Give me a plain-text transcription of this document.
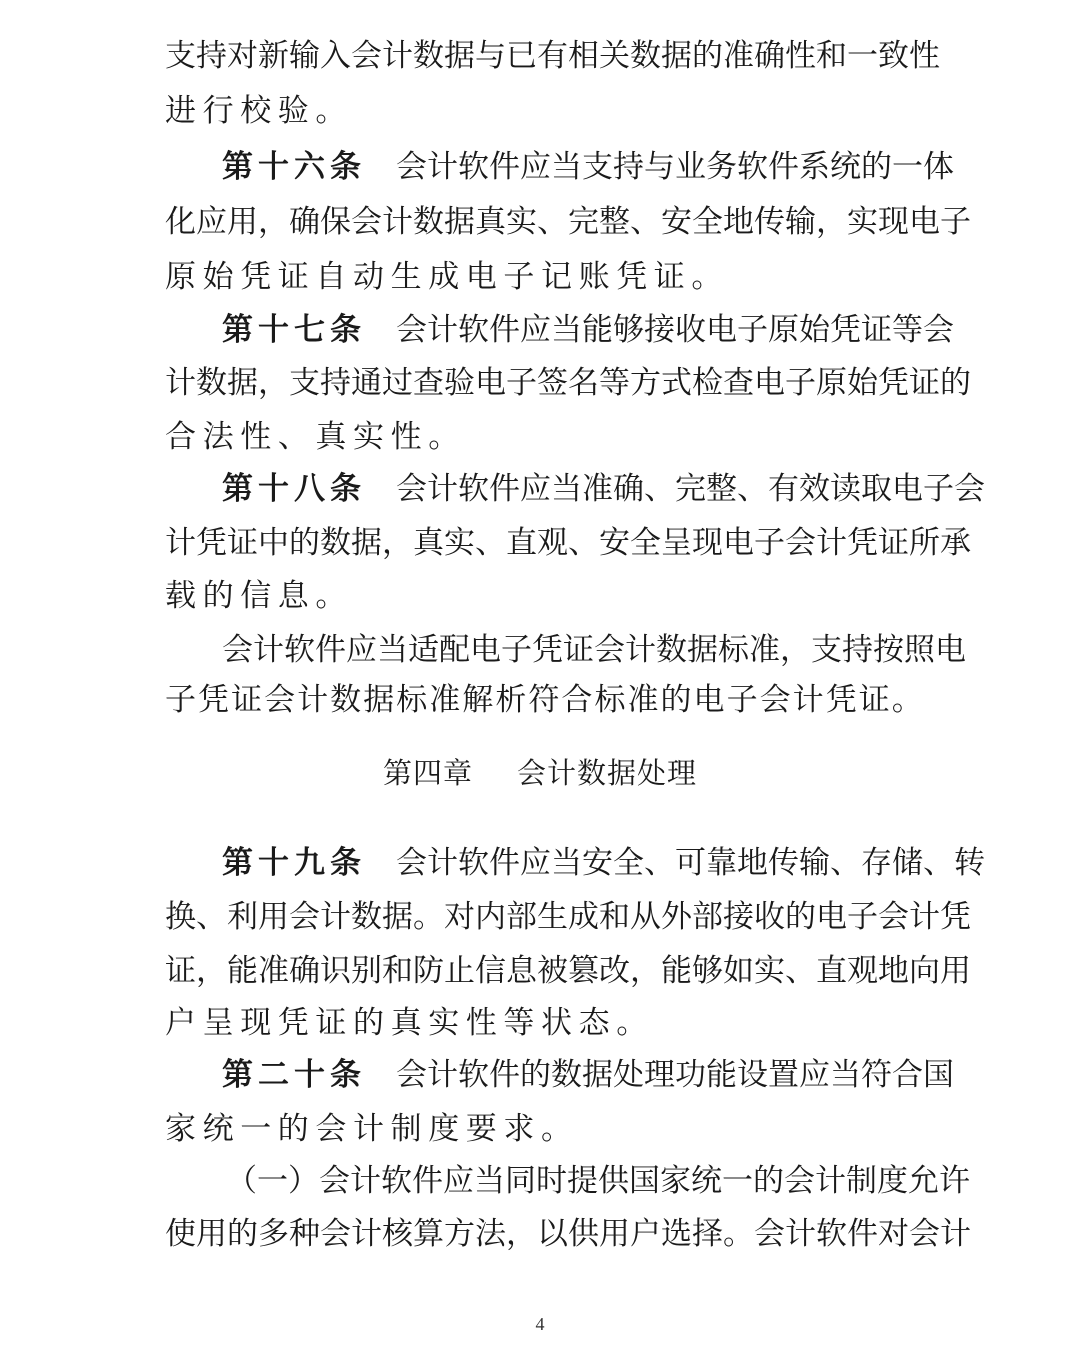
支持对新输入会计数据与已有相关数据的准确性和一致性
进行校验。
第十六条 会计软件应当支持与业务软件系统的一体
化应用，确保会计数据真实、完整、安全地传输，实现电子
原始凭证自动生成电子记账凭证。
第十七条 会计软件应当能够接收电子原始凭证等会
计数据，支持通过查验电子签名等方式检查电子原始凭证的
合法性、真实性。
第十八条 会计软件应当准确、完整、有效读取电子会
计凭证中的数据，真实、直观、安全呈现电子会计凭证所承
载的信息。
会计软件应当适配电子凭证会计数据标准，支持按照电
子凭证会计数据标准解析符合标准的电子会计凭证。
第四章 会计数据处理
第十九条 会计软件应当安全、可靠地传输、存储、转
换、利用会计数据。对内部生成和从外部接收的电子会计凭
证，能准确识别和防止信息被篡改，能够如实、直观地向用
户呈现凭证的真实性等状态。
第二十条 会计软件的数据处理功能设置应当符合国
家统一的会计制度要求。
（一）会计软件应当同时提供国家统一的会计制度允许
使用的多种会计核算方法，以供用户选择。会计软件对会计
4
